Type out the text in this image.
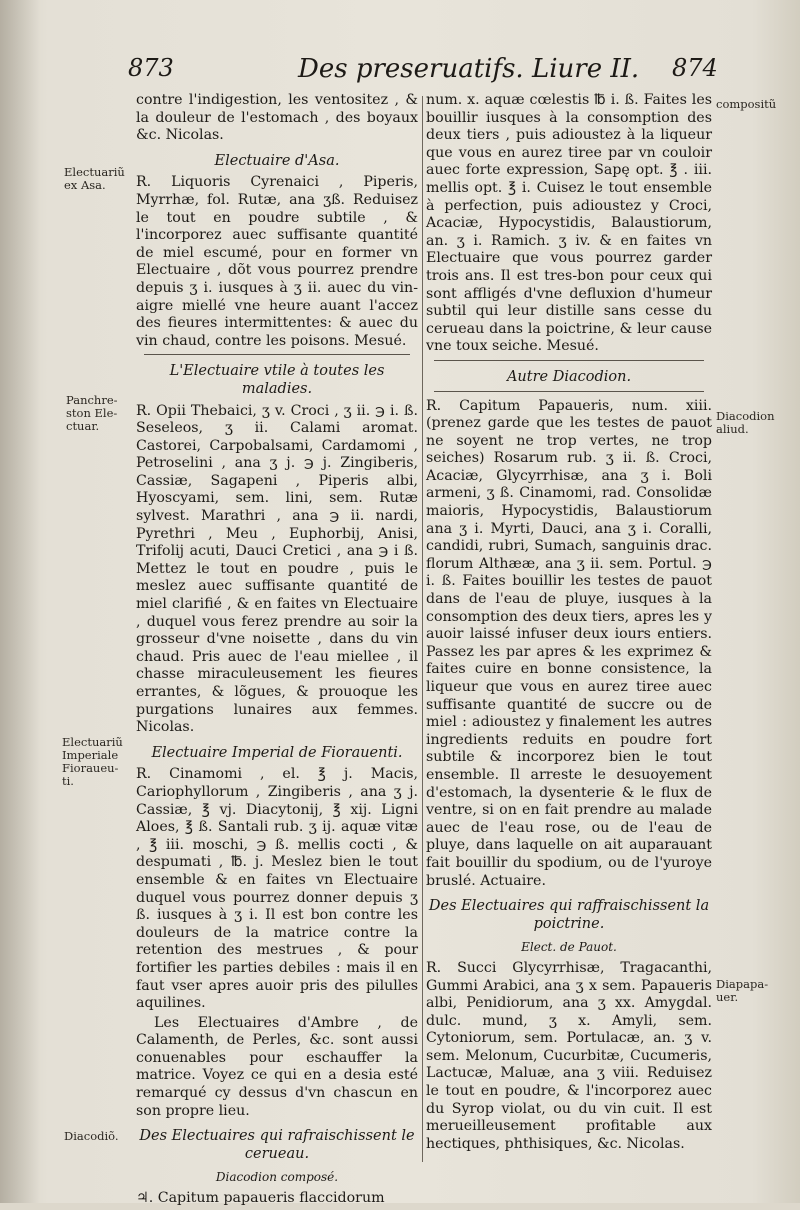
873	Des preseruatifs. Liure II. 874
Electuariũ
ex Asa.
Panchre-
ston Ele-
ctuar.
Electuariũ
Imperiale
Fioraueu-
ti.
Diacodiõ.
compositũ
Diacodion
aliud.
Diapapa-
uer.

contre l'indigestion, les ventositez , & la douleur de l'estomach , des boyaux &c. Nicolas.

Electuaire d'Asa.

R. Liquoris Cyrenaici , Piperis, Myrrhæ, fol. Rutæ, ana ʒß. Reduisez le tout en poudre subtile , & l'incorporez auec suffisante quantité de miel escumé, pour en former vn Electuaire , dõt vous pourrez prendre depuis ʒ i. iusques à ʒ ii. auec du vin-aigre miellé vne heure auant l'accez des fieures intermittentes: & auec du vin chaud, contre les poisons. Mesué.

L'Electuaire vtile à toutes les maladies.

R. Opii Thebaici, ʒ v. Croci , ʒ ii. ℈ i. ß. Seseleos, ʒ ii. Calami aromat. Castorei, Carpobalsami, Cardamomi , Petroselini , ana ʒ j. ℈ j. Zingiberis, Cassiæ, Sagapeni , Piperis albi, Hyoscyami, sem. lini, sem. Rutæ sylvest. Marathri , ana ℈ ii. nardi, Pyrethri , Meu , Euphorbij, Anisi, Trifolij acuti, Dauci Cretici , ana ℈ i ß. Mettez le tout en poudre , puis le meslez auec suffisante quantité de miel clarifié , & en faites vn Electuaire , duquel vous ferez prendre au soir la grosseur d'vne noisette , dans du vin chaud. Pris auec de l'eau miellee , il chasse miraculeusement les fieures errantes, & lõgues, & prouoque les purgations lunaires aux femmes. Nicolas.

Electuaire Imperial de Fiorauenti.

R. Cinamomi , el. ℥ j. Macis, Cariophyllorum , Zingiberis , ana ʒ j. Cassiæ, ℥ vj. Diacytonij, ℥ xij. Ligni Aloes, ℥ ß. Santali rub. ʒ ij. aquæ vitæ , ℥ iii. moschi, ℈ ß. mellis cocti , & despumati , ℔. j. Meslez bien le tout ensemble & en faites vn Electuaire duquel vous pourrez donner depuis ʒ ß. iusques à ʒ i. Il est bon contre les douleurs de la matrice contre la retention des mestrues , & pour fortifier les parties debiles : mais il en faut vser apres auoir pris des pilulles aquilines.

Les Electuaires d'Ambre , de Calamenth, de Perles, &c. sont aussi conuenables pour eschauffer la matrice. Voyez ce qui en a desia esté remarqué cy dessus d'vn chascun en son propre lieu.

Des Electuaires qui rafraischissent le cerueau.
Diacodion composé.

♃. Capitum papaueris flaccidorum

num. x. aquæ cœlestis ℔ i. ß. Faites les bouillir iusques à la consomption des deux tiers , puis adioustez à la liqueur que vous en aurez tiree par vn couloir auec forte expression, Sapę opt. ℥ . iii. mellis opt. ℥ i. Cuisez le tout ensemble à perfection, puis adioustez y Croci, Acaciæ, Hypocystidis, Balaustiorum, an. ʒ i. Ramich. ʒ iv. & en faites vn Electuaire que vous pourrez garder trois ans. Il est tres-bon pour ceux qui sont affligés d'vne defluxion d'humeur subtil qui leur distille sans cesse du cerueau dans la poictrine, & leur cause vne toux seiche. Mesué.

Autre Diacodion.

R. Capitum Papaueris, num. xiii. (prenez garde que les testes de pauot ne soyent ne trop vertes, ne trop seiches) Rosarum rub. ʒ ii. ß. Croci, Acaciæ, Glycyrrhisæ, ana ʒ i. Boli armeni, ʒ ß. Cinamomi, rad. Consolidæ maioris, Hypocystidis, Balaustiorum ana ʒ i. Myrti, Dauci, ana ʒ i. Coralli, candidi, rubri, Sumach, sanguinis drac. florum Althææ, ana ʒ ii. sem. Portul. ℈ i. ß. Faites bouillir les testes de pauot dans de l'eau de pluye, iusques à la consomption des deux tiers, apres les y auoir laissé infuser deux iours entiers. Passez les par apres & les exprimez & faites cuire en bonne consistence, la liqueur que vous en aurez tiree auec suffisante quantité de succre ou de miel : adioustez y finalement les autres ingredients reduits en poudre fort subtile & incorporez bien le tout ensemble. Il arreste le desuoyement d'estomach, la dysenterie & le flux de ventre, si on en fait prendre au malade auec de l'eau rose, ou de l'eau de pluye, dans laquelle on ait auparauant fait bouillir du spodium, ou de l'yuroye bruslé. Actuaire.

Des Electuaires qui raffraischissent la poictrine.
Elect. de Pauot.

R. Succi Glycyrrhisæ, Tragacanthi, Gummi Arabici, ana ʒ x sem. Papaueris albi, Penidiorum, ana ʒ xx. Amygdal. dulc. mund, ʒ x. Amyli, sem. Cytoniorum, sem. Portulacæ, an. ʒ v. sem. Melonum, Cucurbitæ, Cucumeris, Lactucæ, Maluæ, ana ʒ viii. Reduisez le tout en poudre, & l'incorporez auec du Syrop violat, ou du vin cuit. Il est merueilleusement profitable aux hectiques, phthisiques, &c. Nicolas.
